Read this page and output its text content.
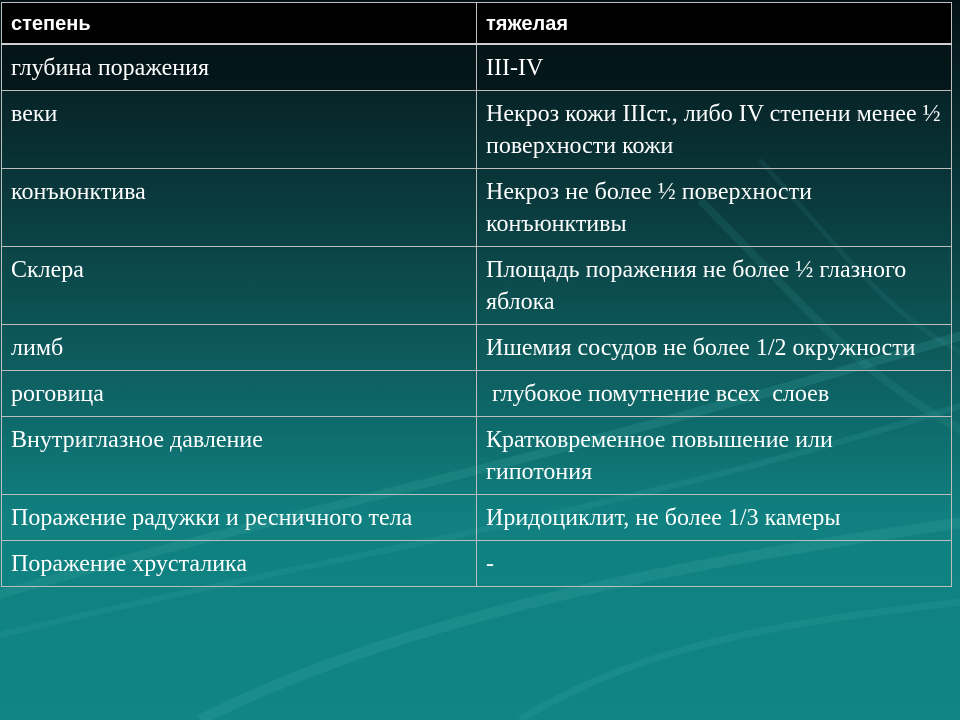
степень	тяжелая
глубина поражения	III-IV
веки	Некроз кожи IIIст., либо IV степени менее ½ поверхности кожи
конъюнктива	Некроз не более ½ поверхности конъюнктивы
Склера	Площадь поражения не более ½ глазного яблока
лимб	Ишемия сосудов не более 1/2 окружности
роговица	глубокое помутнение всех  слоев
Внутриглазное давление	Кратковременное повышение или гипотония
Поражение радужки и ресничного тела	Иридоциклит, не более 1/3 камеры
Поражение хрусталика	-
